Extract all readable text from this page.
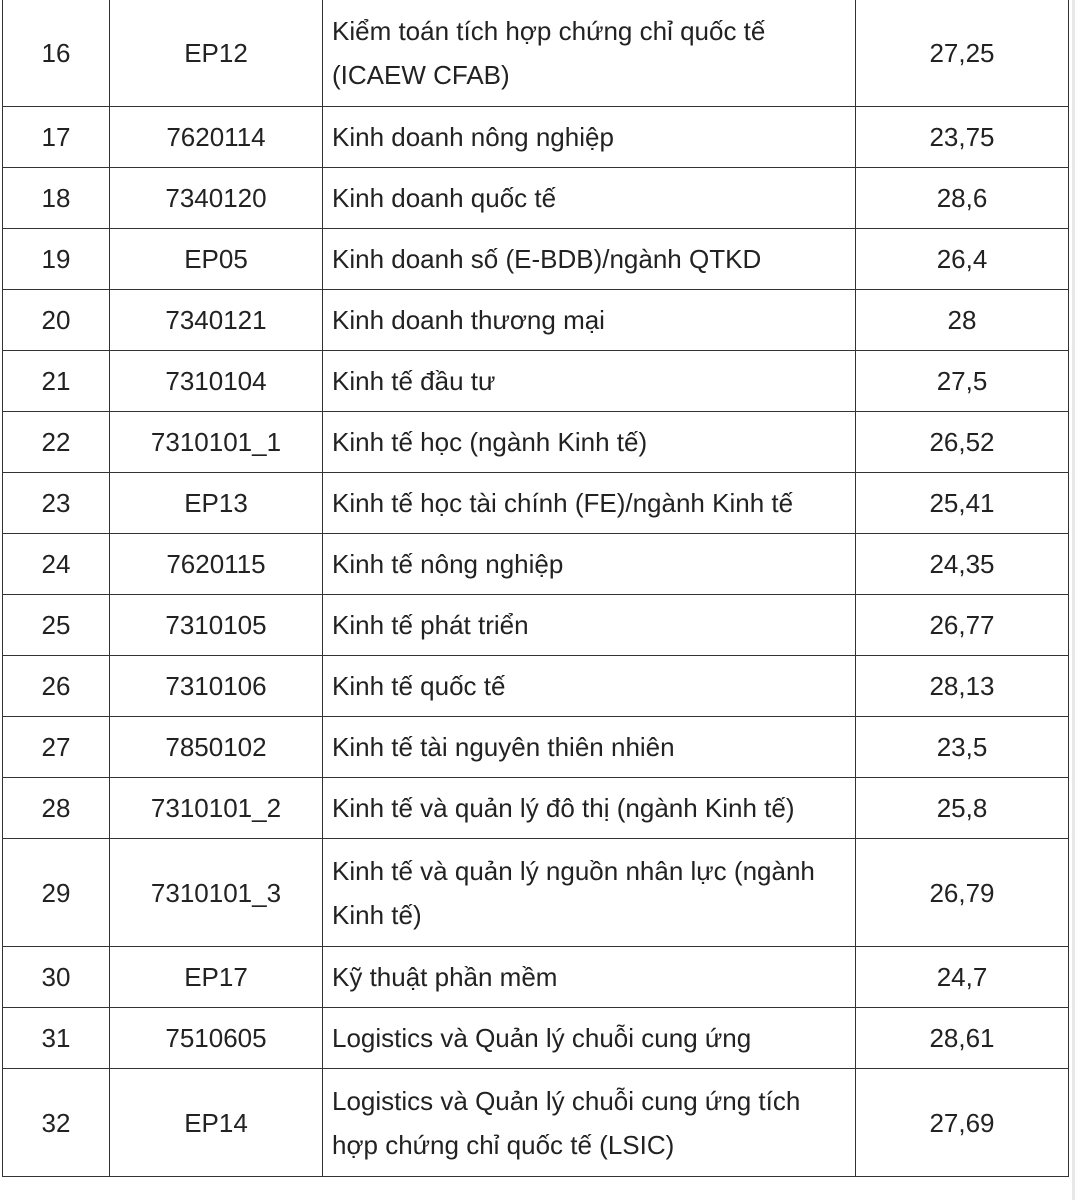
16	EP12	Kiểm toán tích hợp chứng chỉ quốc tế (ICAEW CFAB)	27,25
17	7620114	Kinh doanh nông nghiệp	23,75
18	7340120	Kinh doanh quốc tế	28,6
19	EP05	Kinh doanh số (E-BDB)/ngành QTKD	26,4
20	7340121	Kinh doanh thương mại	28
21	7310104	Kinh tế đầu tư	27,5
22	7310101_1	Kinh tế học (ngành Kinh tế)	26,52
23	EP13	Kinh tế học tài chính (FE)/ngành Kinh tế	25,41
24	7620115	Kinh tế nông nghiệp	24,35
25	7310105	Kinh tế phát triển	26,77
26	7310106	Kinh tế quốc tế	28,13
27	7850102	Kinh tế tài nguyên thiên nhiên	23,5
28	7310101_2	Kinh tế và quản lý đô thị (ngành Kinh tế)	25,8
29	7310101_3	Kinh tế và quản lý nguồn nhân lực (ngành Kinh tế)	26,79
30	EP17	Kỹ thuật phần mềm	24,7
31	7510605	Logistics và Quản lý chuỗi cung ứng	28,61
32	EP14	Logistics và Quản lý chuỗi cung ứng tích hợp chứng chỉ quốc tế (LSIC)	27,69
